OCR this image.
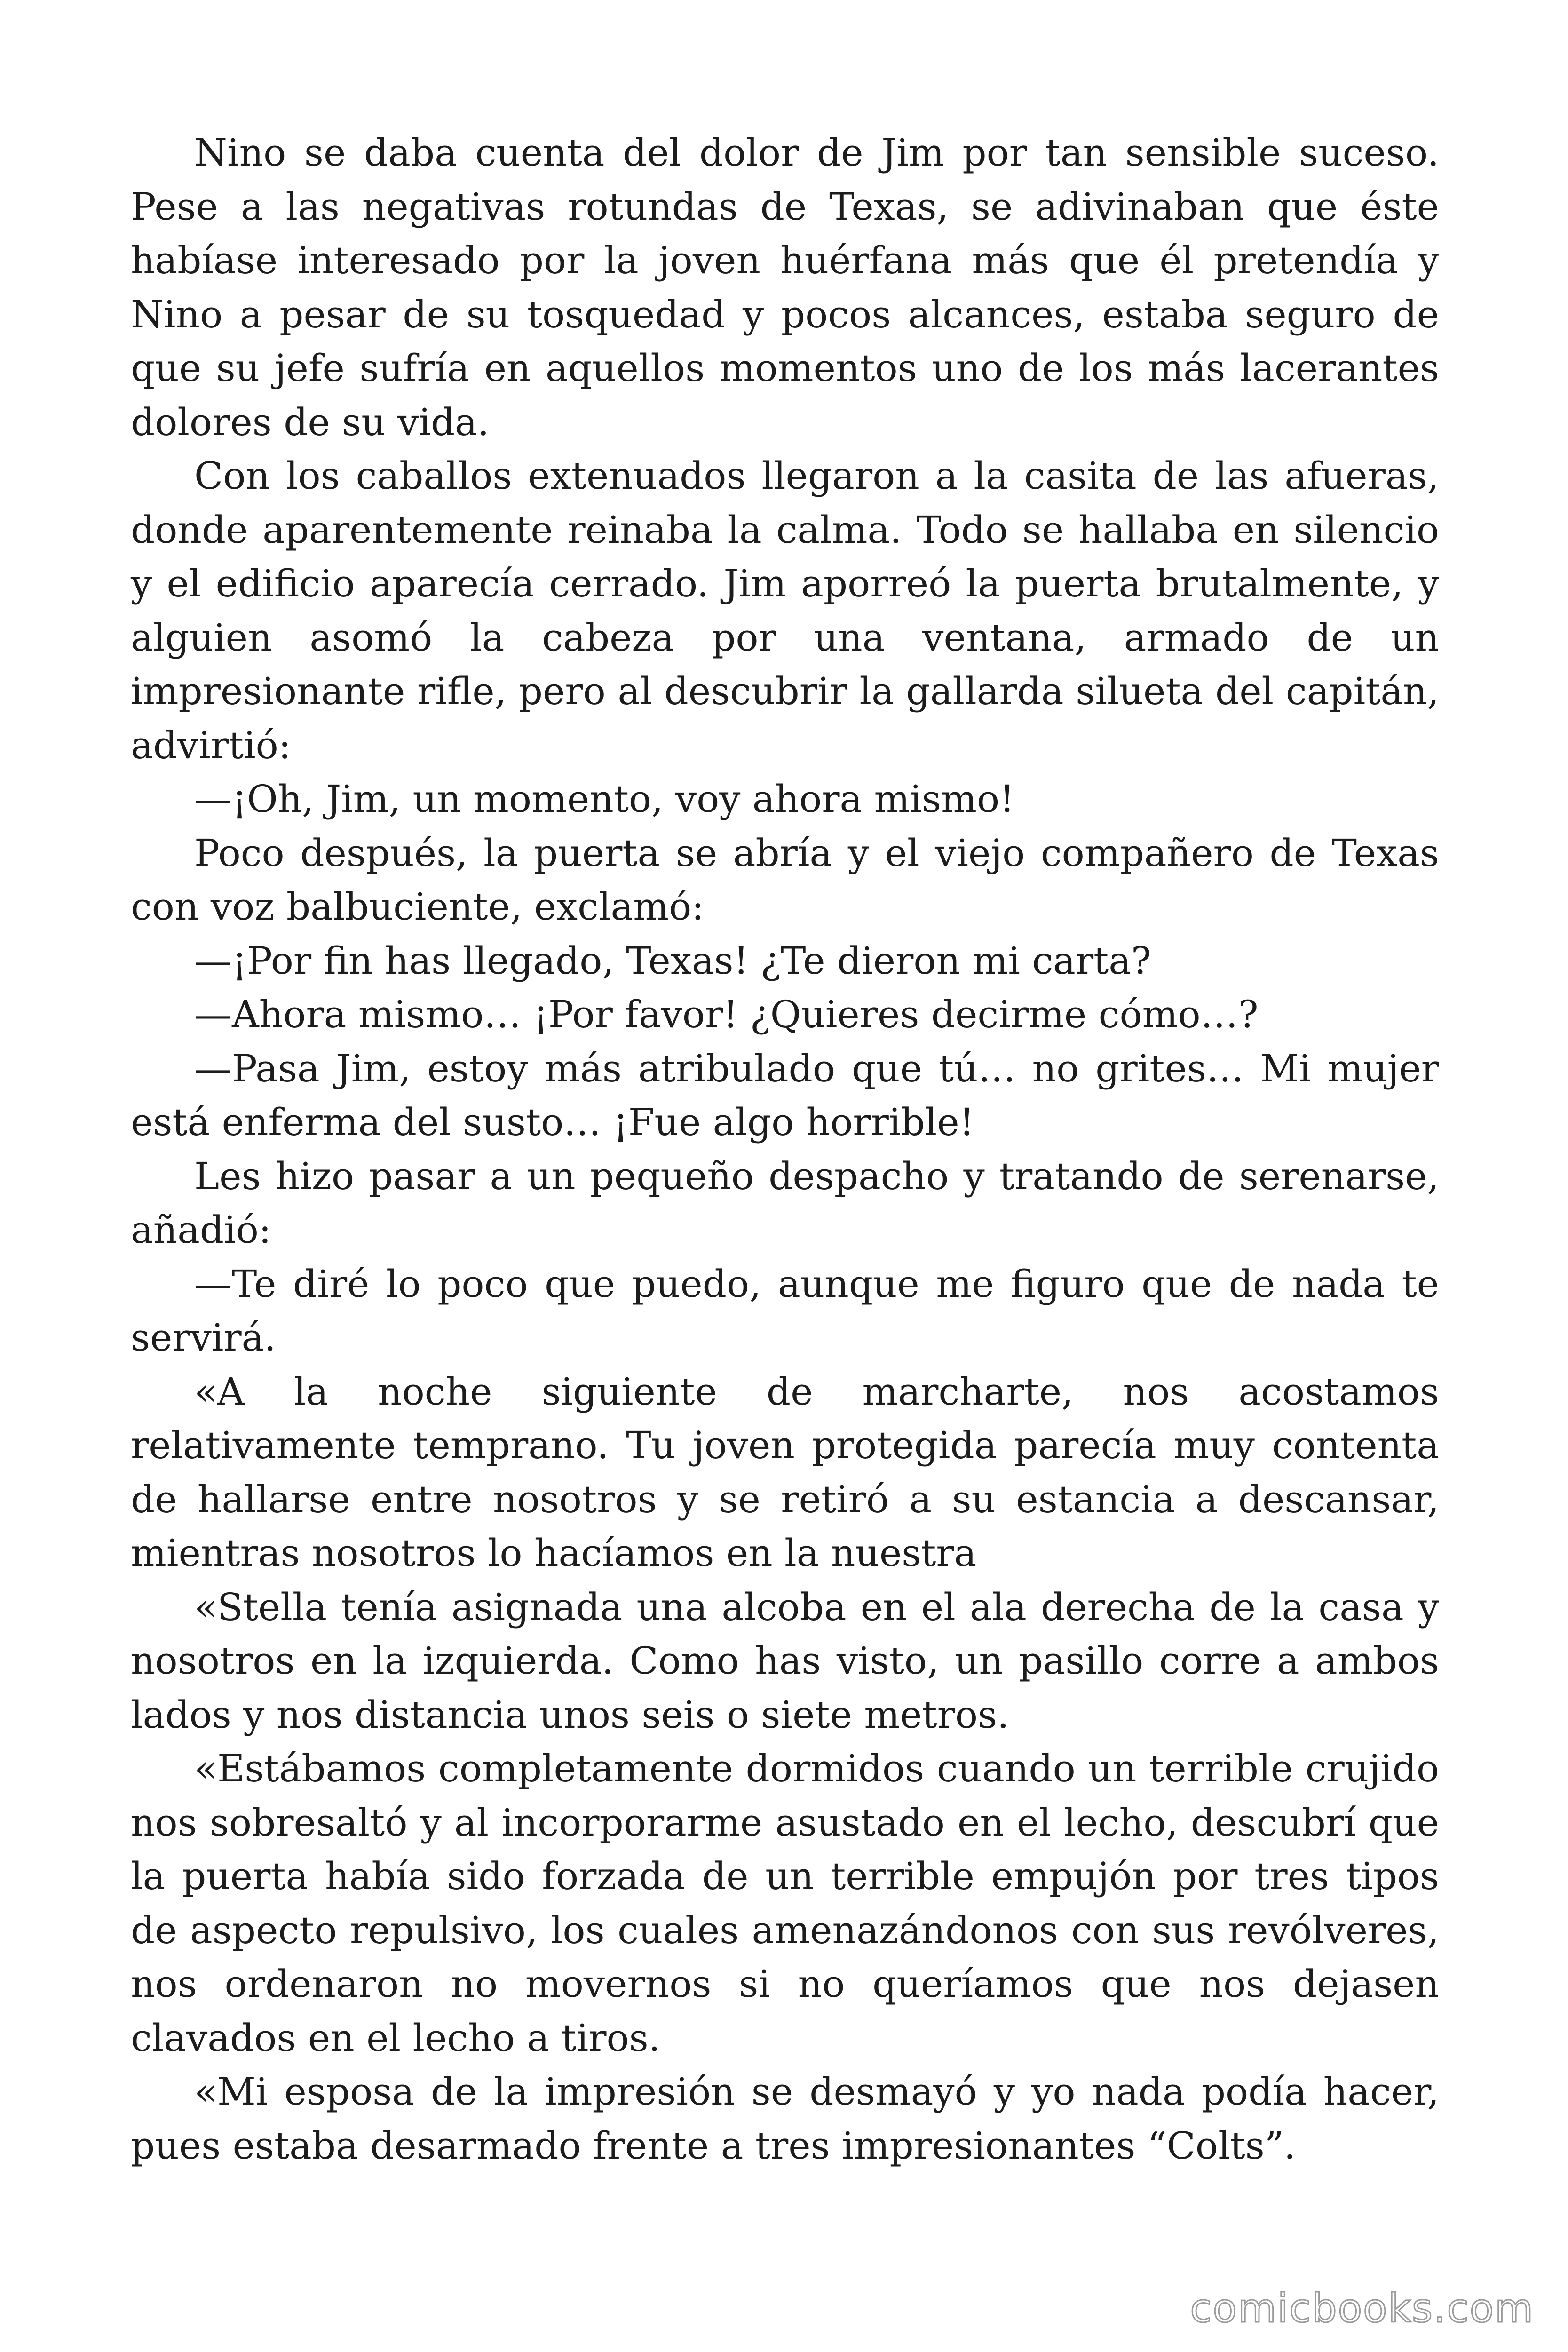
Nino se daba cuenta del dolor de Jim por tan sensible suceso. Pese a las negativas rotundas de Texas, se adivinaban que éste habíase interesado por la joven huérfana más que él pretendía y Nino a pesar de su tosquedad y pocos alcances, estaba seguro de que su jefe sufría en aquellos momentos uno de los más lacerantes dolores de su vida.

Con los caballos extenuados llegaron a la casita de las afueras, donde aparentemente reinaba la calma. Todo se hallaba en silencio y el edificio aparecía cerrado. Jim aporreó la puerta brutalmente, y alguien asomó la cabeza por una ventana, armado de un impresionante rifle, pero al descubrir la gallarda silueta del capitán, advirtió:

—¡Oh, Jim, un momento, voy ahora mismo!

Poco después, la puerta se abría y el viejo compañero de Texas con voz balbuciente, exclamó:

—¡Por fin has llegado, Texas! ¿Te dieron mi carta?

—Ahora mismo… ¡Por favor! ¿Quieres decirme cómo…?

—Pasa Jim, estoy más atribulado que tú… no grites… Mi mujer está enferma del susto… ¡Fue algo horrible!

Les hizo pasar a un pequeño despacho y tratando de serenarse, añadió:

—Te diré lo poco que puedo, aunque me figuro que de nada te servirá.

«A la noche siguiente de marcharte, nos acostamos relativamente temprano. Tu joven protegida parecía muy contenta de hallarse entre nosotros y se retiró a su estancia a descansar, mientras nosotros lo hacíamos en la nuestra

«Stella tenía asignada una alcoba en el ala derecha de la casa y nosotros en la izquierda. Como has visto, un pasillo corre a ambos lados y nos distancia unos seis o siete metros.

«Estábamos completamente dormidos cuando un terrible crujido nos sobresaltó y al incorporarme asustado en el lecho, descubrí que la puerta había sido forzada de un terrible empujón por tres tipos de aspecto repulsivo, los cuales amenazándonos con sus revólveres, nos ordenaron no movernos si no queríamos que nos dejasen clavados en el lecho a tiros.

«Mi esposa de la impresión se desmayó y yo nada podía hacer, pues estaba desarmado frente a tres impresionantes “Colts”.

comicbooks.com
